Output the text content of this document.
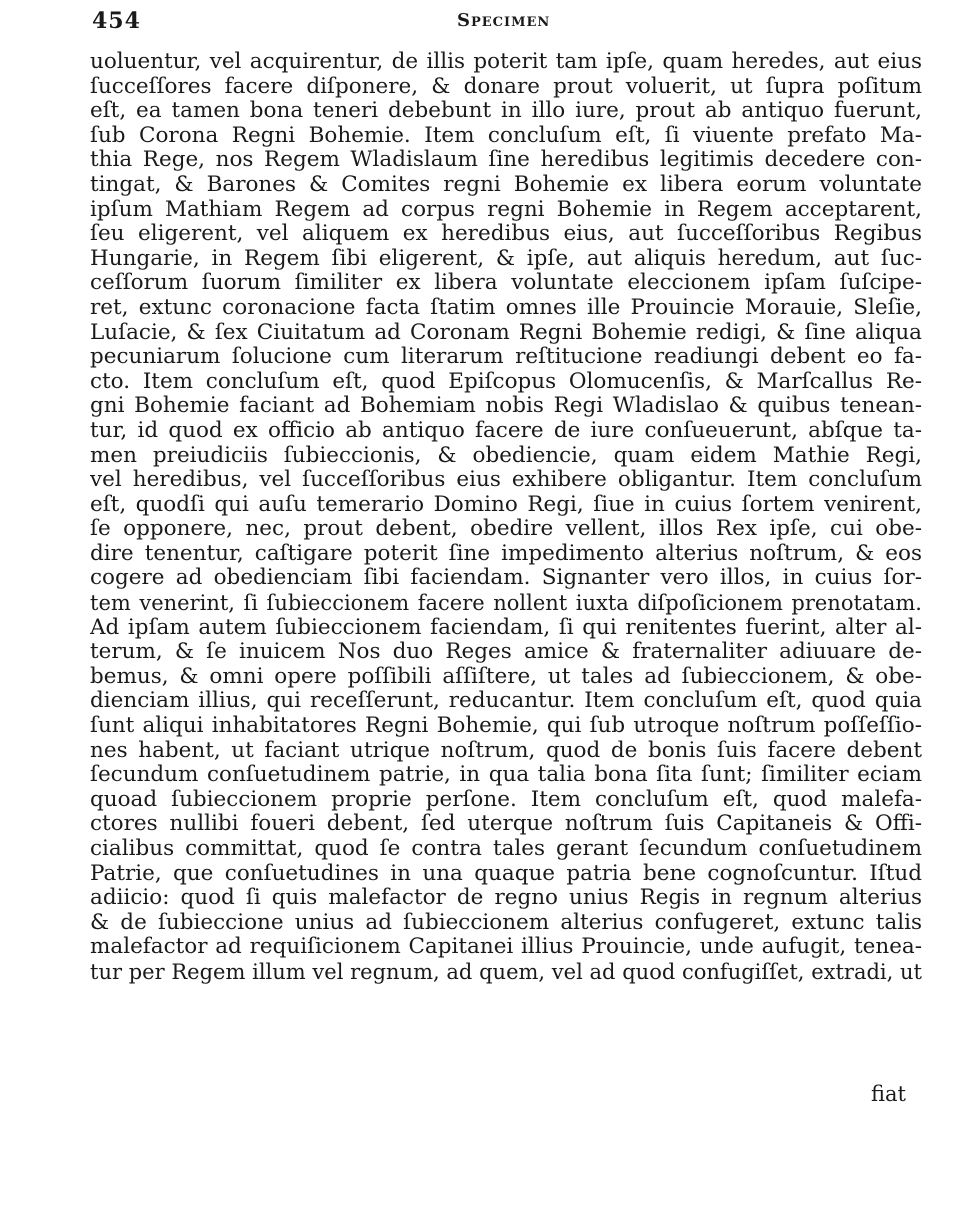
454	Specimen
uoluentur, vel acquirentur, de illis poterit tam ipſe, quam heredes, aut eius
ſucceſſores facere diſponere, & donare prout voluerit, ut ſupra poſitum
eſt, ea tamen bona teneri debebunt in illo iure, prout ab antiquo fuerunt,
ſub Corona Regni Bohemie. Item concluſum eſt, ſi viuente prefato Ma-
thia Rege, nos Regem Wladislaum ſine heredibus legitimis decedere con-
tingat, & Barones & Comites regni Bohemie ex libera eorum voluntate
ipſum Mathiam Regem ad corpus regni Bohemie in Regem acceptarent,
ſeu eligerent, vel aliquem ex heredibus eius, aut ſucceſſoribus Regibus
Hungarie, in Regem ſibi eligerent, & ipſe, aut aliquis heredum, aut ſuc-
ceſſorum ſuorum ſimiliter ex libera voluntate eleccionem ipſam ſuſcipe-
ret, extunc coronacione facta ſtatim omnes ille Prouincie Morauie, Sleſie,
Luſacie, & ſex Ciuitatum ad Coronam Regni Bohemie redigi, & ſine aliqua
pecuniarum ſolucione cum literarum reſtitucione readiungi debent eo fa-
cto. Item concluſum eſt, quod Epiſcopus Olomucenſis, & Marſcallus Re-
gni Bohemie faciant ad Bohemiam nobis Regi Wladislao & quibus tenean-
tur, id quod ex officio ab antiquo facere de iure conſueuerunt, abſque ta-
men preiudiciis ſubieccionis, & obediencie, quam eidem Mathie Regi,
vel heredibus, vel ſucceſſoribus eius exhibere obligantur. Item concluſum
eſt, quodſi qui auſu temerario Domino Regi, ſiue in cuius ſortem venirent,
ſe opponere, nec, prout debent, obedire vellent, illos Rex ipſe, cui obe-
dire tenentur, caſtigare poterit ſine impedimento alterius noſtrum, & eos
cogere ad obedienciam ſibi faciendam. Signanter vero illos, in cuius ſor-
tem venerint, ſi ſubieccionem facere nollent iuxta diſpoſicionem prenotatam.
Ad ipſam autem ſubieccionem faciendam, ſi qui renitentes fuerint, alter al-
terum, & ſe inuicem Nos duo Reges amice & fraternaliter adiuuare de-
bemus, & omni opere poſſibili aſſiſtere, ut tales ad ſubieccionem, & obe-
dienciam illius, qui receſſerunt, reducantur. Item concluſum eſt, quod quia
ſunt aliqui inhabitatores Regni Bohemie, qui ſub utroque noſtrum poſſeſſio-
nes habent, ut faciant utrique noſtrum, quod de bonis ſuis facere debent
ſecundum conſuetudinem patrie, in qua talia bona ſita ſunt; ſimiliter eciam
quoad ſubieccionem proprie perſone. Item concluſum eſt, quod malefa-
ctores nullibi foueri debent, ſed uterque noſtrum ſuis Capitaneis & Offi-
cialibus committat, quod ſe contra tales gerant ſecundum conſuetudinem
Patrie, que conſuetudines in una quaque patria bene cognoſcuntur. Iſtud
adiicio: quod ſi quis malefactor de regno unius Regis in regnum alterius
& de ſubieccione unius ad ſubieccionem alterius confugeret, extunc talis
malefactor ad requiſicionem Capitanei illius Prouincie, unde aufugit, tenea-
tur per Regem illum vel regnum, ad quem, vel ad quod confugiſſet, extradi, ut
fiat
